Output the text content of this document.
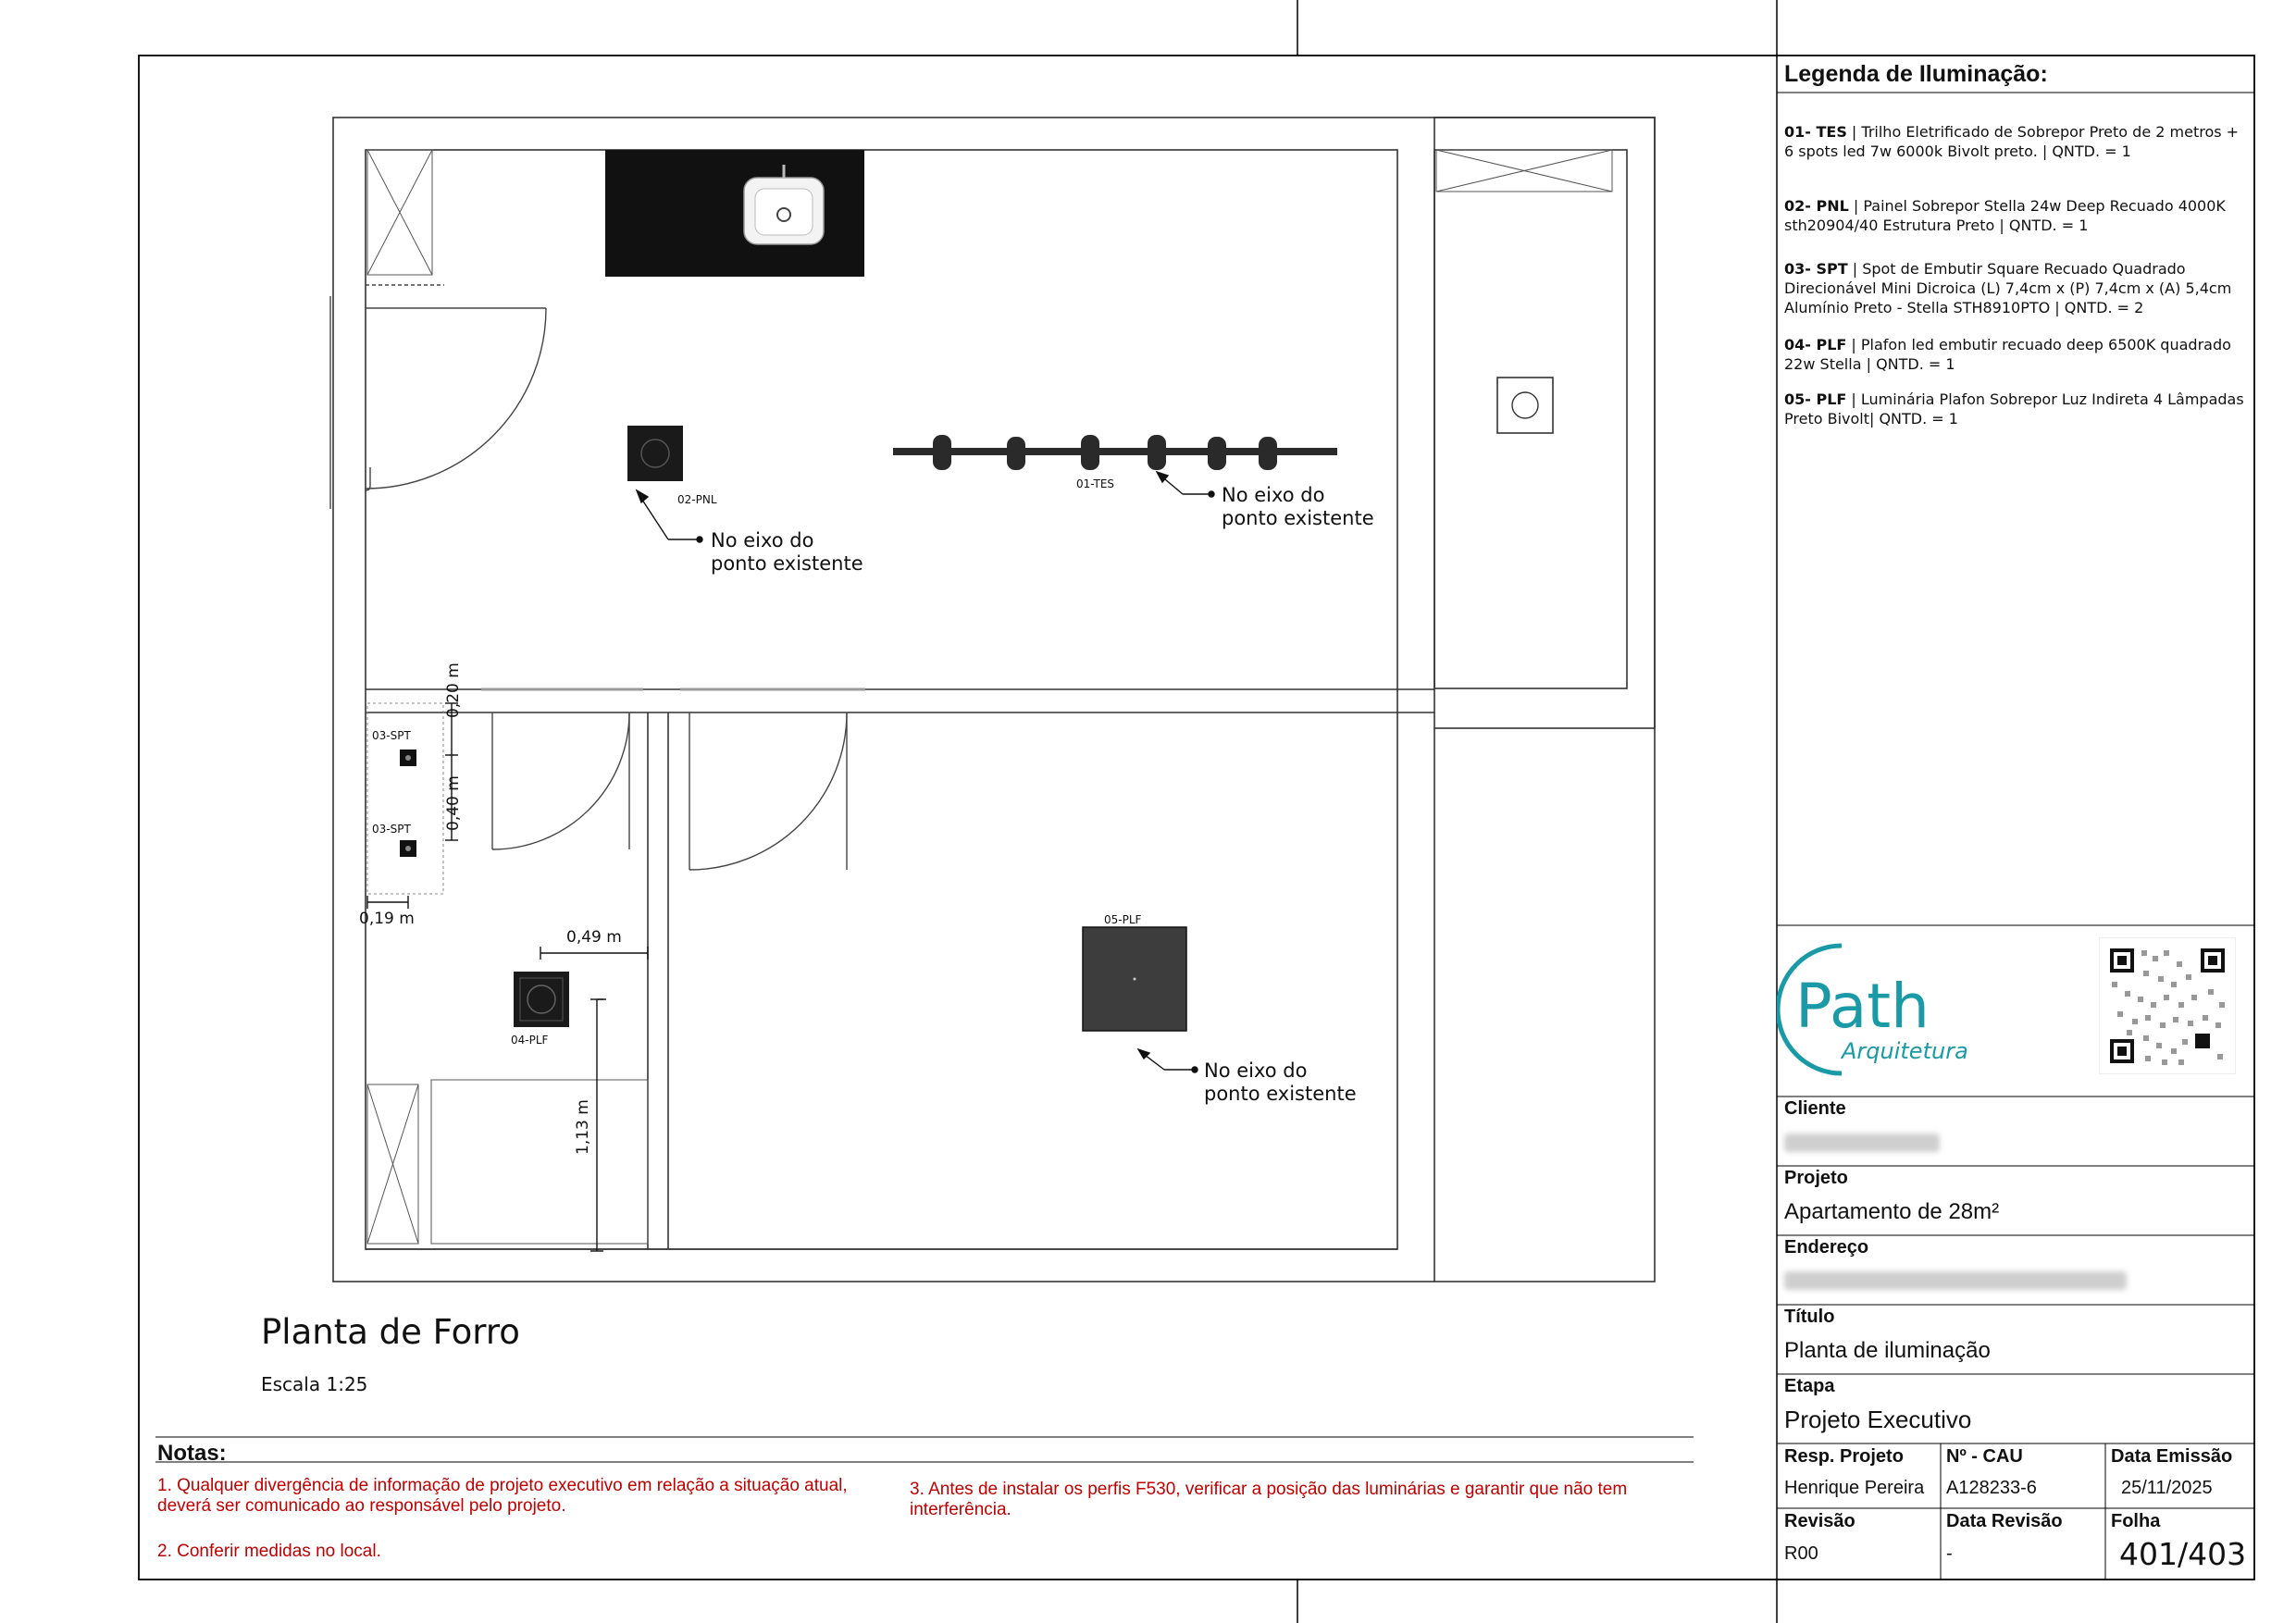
02-PNL
01-TES
03-SPT
03-SPT
04-PLF
05-PLF
No eixo do
ponto existente
No eixo do
ponto existente
No eixo do
ponto existente
0,20 m
0,40 m
0,19 m
0,49 m
1,13 m
Planta de Forro
Escala 1:25
Notas:
1. Qualquer divergência de informação de projeto executivo em relação a situação atual, deverá ser comunicado ao responsável pelo projeto.
2. Conferir medidas no local.
3. Antes de instalar os perfis F530, verificar a posição das luminárias e garantir que não tem interferência.
Legenda de Iluminação:
01- TES | Trilho Eletrificado de Sobrepor Preto de 2 metros + 6 spots led 7w 6000k Bivolt preto. | QNTD. = 1
02- PNL | Painel Sobrepor Stella 24w Deep Recuado 4000K sth20904/40 Estrutura Preto | QNTD. = 1
03- SPT | Spot de Embutir Square Recuado Quadrado Direcionável Mini Dicroica (L) 7,4cm x (P) 7,4cm x (A) 5,4cm Alumínio Preto - Stella STH8910PTO | QNTD. = 2
04- PLF | Plafon led embutir recuado deep 6500K quadrado 22w Stella | QNTD. = 1
05- PLF | Luminária Plafon Sobrepor Luz Indireta 4 Lâmpadas Preto Bivolt| QNTD. = 1
Path
Arquitetura
Cliente
Projeto
Apartamento de 28m²
Endereço
Título
Planta de iluminação
Etapa
Projeto Executivo
Resp. Projeto
Henrique Pereira
Nº - CAU
A128233-6
Data Emissão
25/11/2025
Revisão
R00
Data Revisão
-
Folha
401/403
